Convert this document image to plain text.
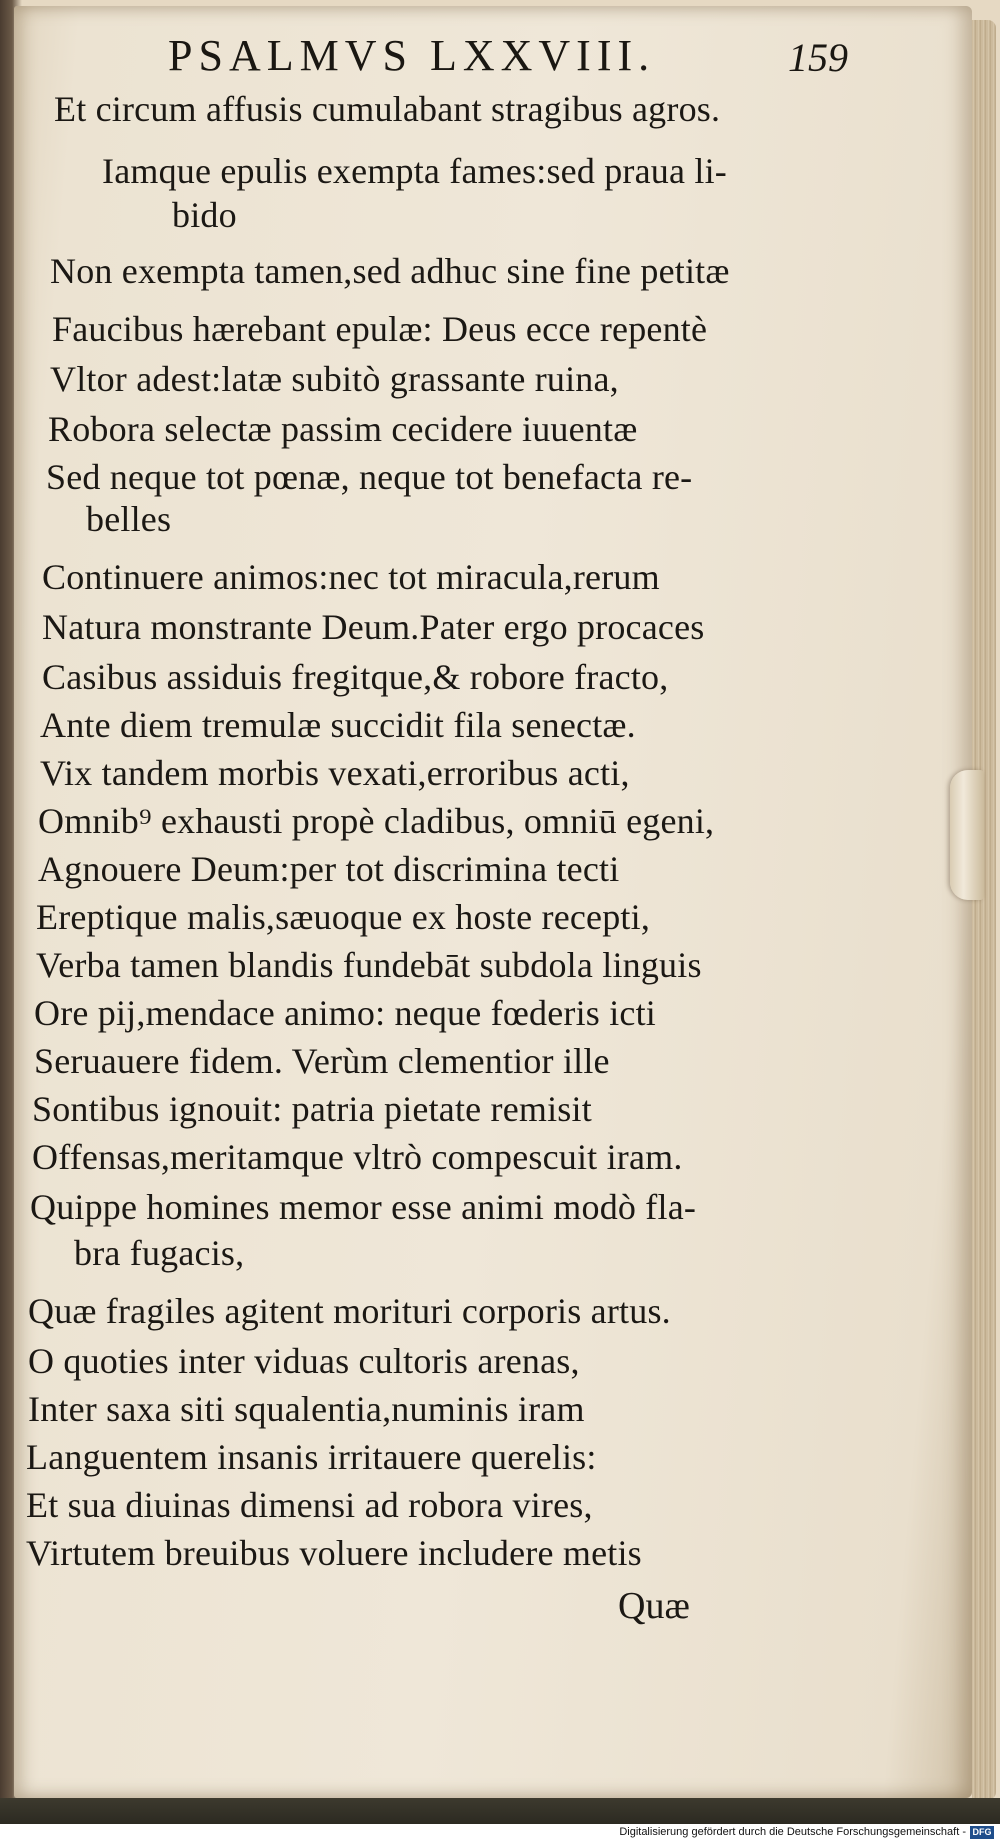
PSALMVS LXXVIII.	159
Et circum affusis cumulabant stragibus agros.
Iamque epulis exempta fames:sed praua li-
bido
Non exempta tamen,sed adhuc sine fine petitæ
Faucibus hærebant epulæ: Deus ecce repentè
Vltor adest:latæ subitò grassante ruina,
Robora selectæ passim cecidere iuuentæ
Sed neque tot pœnæ, neque tot benefacta re-
belles
Continuere animos:nec tot miracula,rerum
Natura monstrante Deum.Pater ergo procaces
Casibus assiduis fregitque,& robore fracto,
Ante diem tremulæ succidit fila senectæ.
Vix tandem morbis vexati,erroribus acti,
Omnib⁹ exhausti propè cladibus, omniū egeni,
Agnouere Deum:per tot discrimina tecti
Ereptique malis,sæuoque ex hoste recepti,
Verba tamen blandis fundebāt subdola linguis
Ore pij,mendace animo: neque fœderis icti
Seruauere fidem. Verùm clementior ille
Sontibus ignouit: patria pietate remisit
Offensas,meritamque vltrò compescuit iram.
Quippe homines memor esse animi modò fla-
bra fugacis,
Quæ fragiles agitent morituri corporis artus.
O quoties inter viduas cultoris arenas,
Inter saxa siti squalentia,numinis iram
Languentem insanis irritauere querelis:
Et sua diuinas dimensi ad robora vires,
Virtutem breuibus voluere includere metis
Quæ
Digitalisierung gefördert durch die Deutsche Forschungsgemeinschaft - DFG
